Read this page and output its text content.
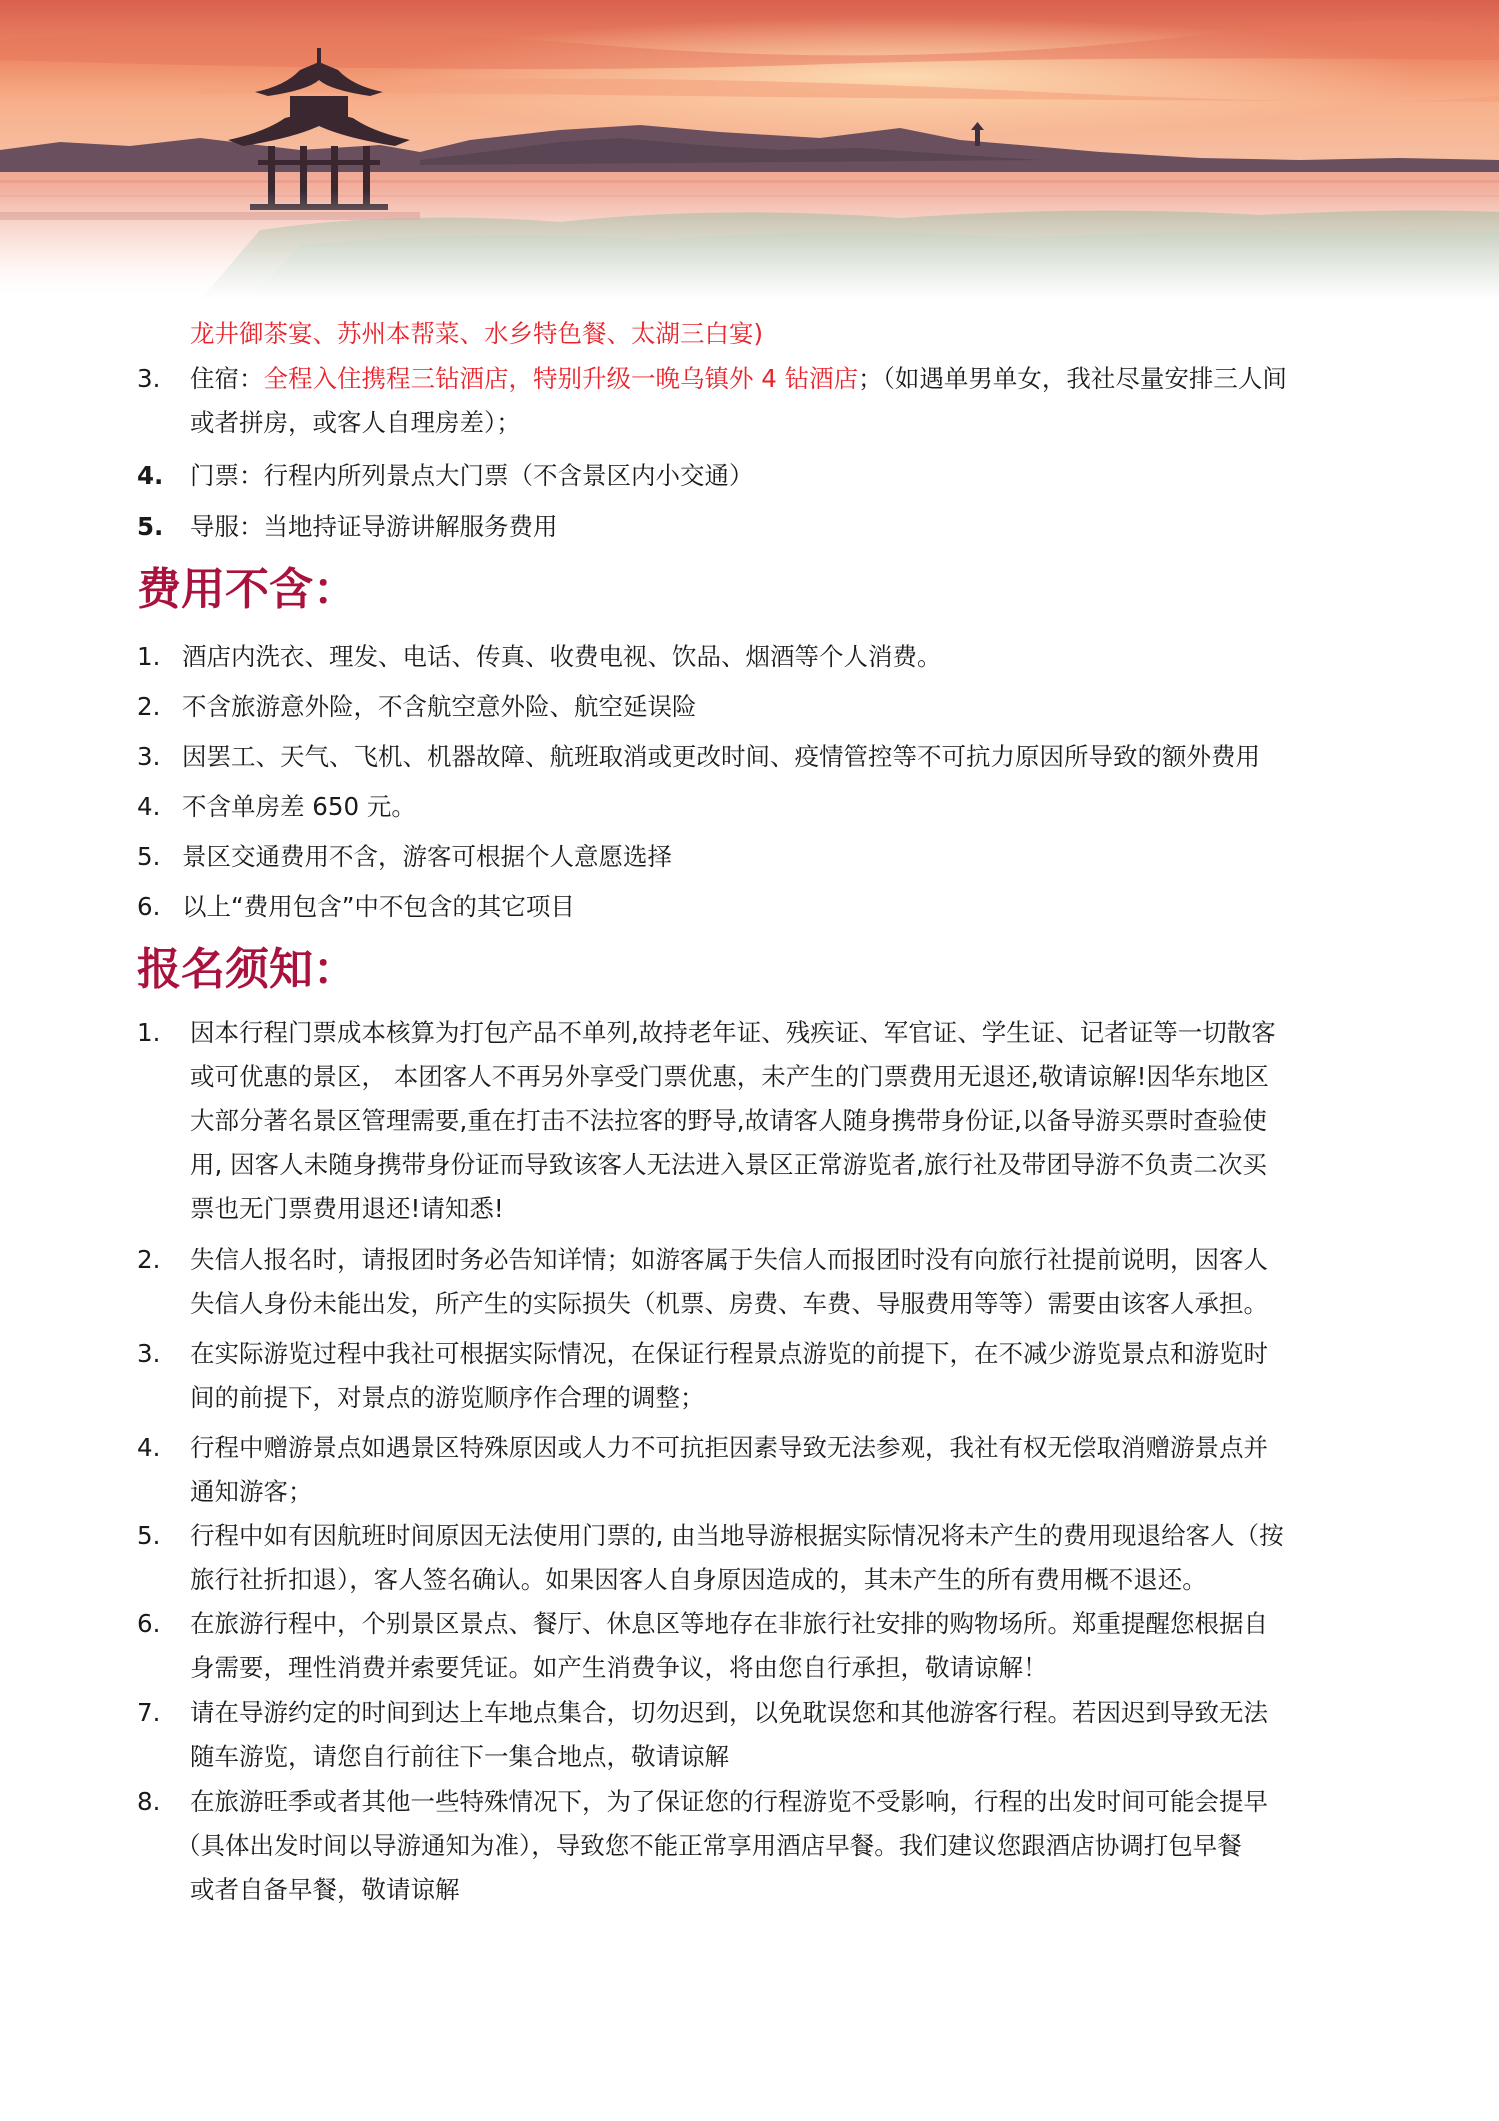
龙井御茶宴、苏州本帮菜、水乡特色餐、太湖三白宴)
3. 住宿：全程入住携程三钻酒店，特别升级一晚乌镇外 4 钻酒店；（如遇单男单女，我社尽量安排三人间
或者拼房，或客人自理房差）；
4. 门票：行程内所列景点大门票（不含景区内小交通）
5. 导服：当地持证导游讲解服务费用
费用不含：
1. 酒店内洗衣、理发、电话、传真、收费电视、饮品、烟酒等个人消费。
2. 不含旅游意外险，不含航空意外险、航空延误险
3. 因罢工、天气、飞机、机器故障、航班取消或更改时间、疫情管控等不可抗力原因所导致的额外费用
4. 不含单房差 650 元。
5. 景区交通费用不含，游客可根据个人意愿选择
6. 以上“费用包含”中不包含的其它项目
报名须知：
1. 因本行程门票成本核算为打包产品不单列,故持老年证、残疾证、军官证、学生证、记者证等一切散客
或可优惠的景区， 本团客人不再另外享受门票优惠，未产生的门票费用无退还,敬请谅解!因华东地区
大部分著名景区管理需要,重在打击不法拉客的野导,故请客人随身携带身份证,以备导游买票时查验使
用, 因客人未随身携带身份证而导致该客人无法进入景区正常游览者,旅行社及带团导游不负责二次买
票也无门票费用退还!请知悉!
2. 失信人报名时，请报团时务必告知详情；如游客属于失信人而报团时没有向旅行社提前说明，因客人
失信人身份未能出发，所产生的实际损失（机票、房费、车费、导服费用等等）需要由该客人承担。
3. 在实际游览过程中我社可根据实际情况，在保证行程景点游览的前提下，在不减少游览景点和游览时
间的前提下，对景点的游览顺序作合理的调整；
4. 行程中赠游景点如遇景区特殊原因或人力不可抗拒因素导致无法参观，我社有权无偿取消赠游景点并
通知游客；
5. 行程中如有因航班时间原因无法使用门票的, 由当地导游根据实际情况将未产生的费用现退给客人（按
旅行社折扣退），客人签名确认。如果因客人自身原因造成的，其未产生的所有费用概不退还。
6. 在旅游行程中，个别景区景点、餐厅、休息区等地存在非旅行社安排的购物场所。郑重提醒您根据自
身需要，理性消费并索要凭证。如产生消费争议，将由您自行承担，敬请谅解！
7. 请在导游约定的时间到达上车地点集合，切勿迟到，以免耽误您和其他游客行程。若因迟到导致无法
随车游览，请您自行前往下一集合地点，敬请谅解
8. 在旅游旺季或者其他一些特殊情况下，为了保证您的行程游览不受影响，行程的出发时间可能会提早
（具体出发时间以导游通知为准），导致您不能正常享用酒店早餐。我们建议您跟酒店协调打包早餐
或者自备早餐，敬请谅解
